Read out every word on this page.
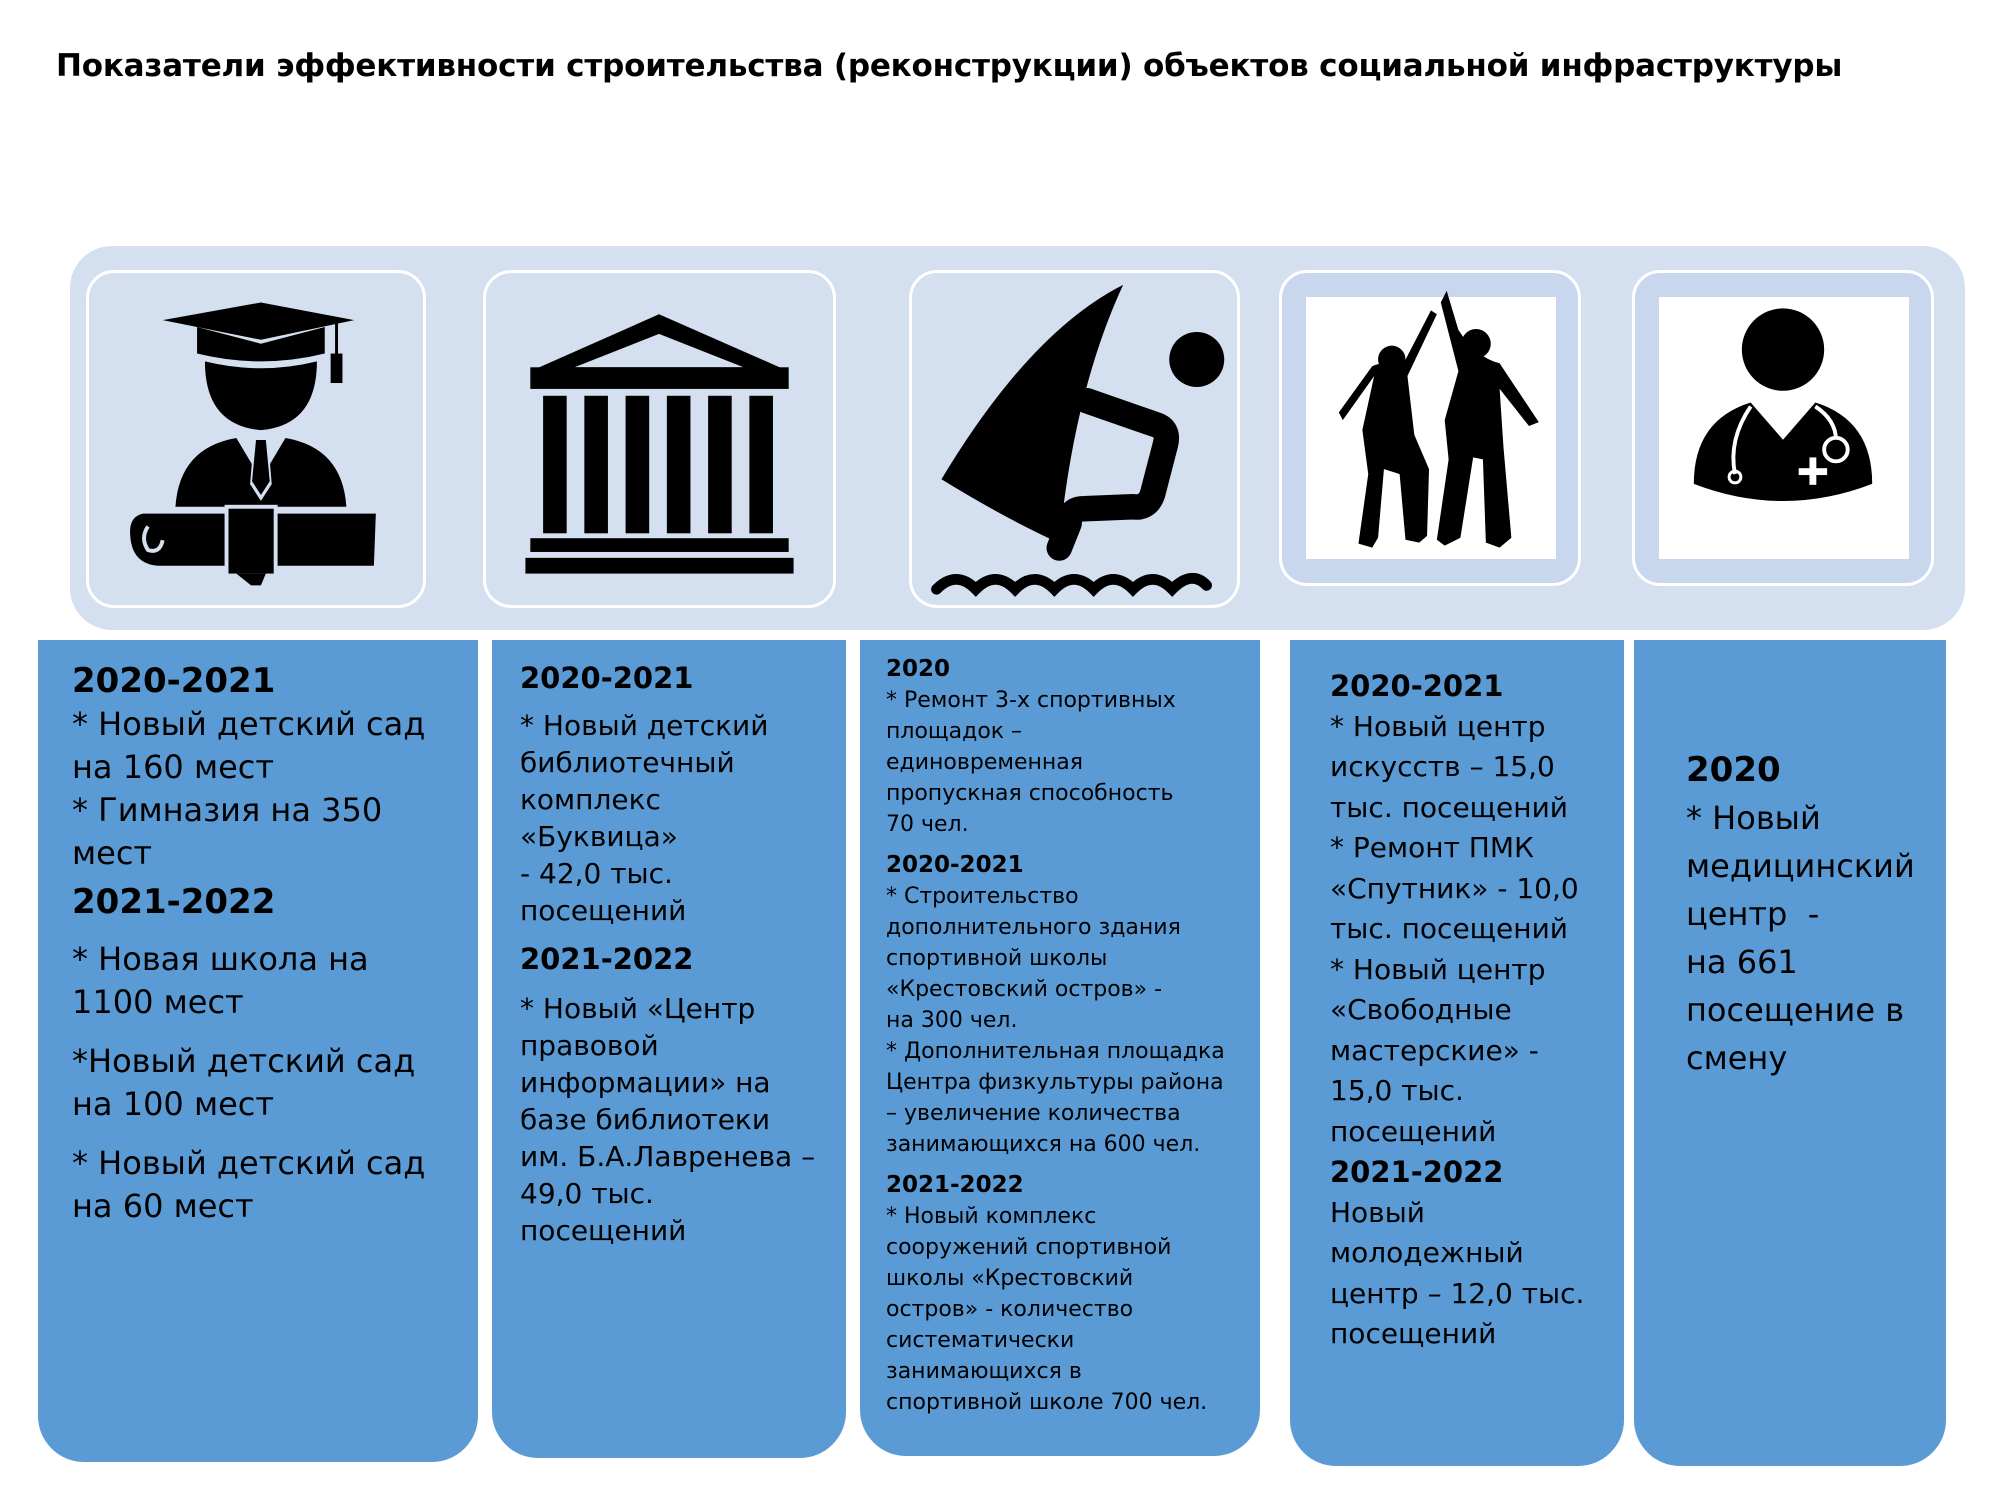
Показатели эффективности строительства (реконструкции) объектов социальной инфраструктуры

2020-2021

* Новый детский сад

на 160 мест

* Гимназия на 350

мест

2021-2022

* Новая школа на

1100 мест

*Новый детский сад

на 100 мест

* Новый детский сад

на 60 мест

2020-2021

* Новый детский

библиотечный

комплекс «Буквица»

- 42,0 тыс.

посещений

2021-2022

* Новый «Центр

правовой

информации» на

базе библиотеки

им. Б.А.Лавренева –

49,0 тыс. посещений

2020

* Ремонт 3-х спортивных

площадок –

единовременная

пропускная способность

70 чел.

2020-2021

* Строительство

дополнительного здания

спортивной школы

«Крестовский остров» -

на 300 чел.

* Дополнительная площадка

Центра физкультуры района

– увеличение количества

занимающихся на 600 чел.

2021-2022

* Новый комплекс

сооружений спортивной

школы «Крестовский

остров» - количество

систематически

занимающихся в

спортивной школе 700 чел.

2020-2021

* Новый центр

искусств – 15,0

тыс. посещений

* Ремонт ПМК

«Спутник» - 10,0

тыс. посещений

* Новый центр

«Свободные

мастерские» -

15,0 тыс.

посещений

2021-2022

Новый

молодежный

центр – 12,0 тыс.

посещений

2020

* Новый

медицинский

центр  -

на 661

посещение в

смену
